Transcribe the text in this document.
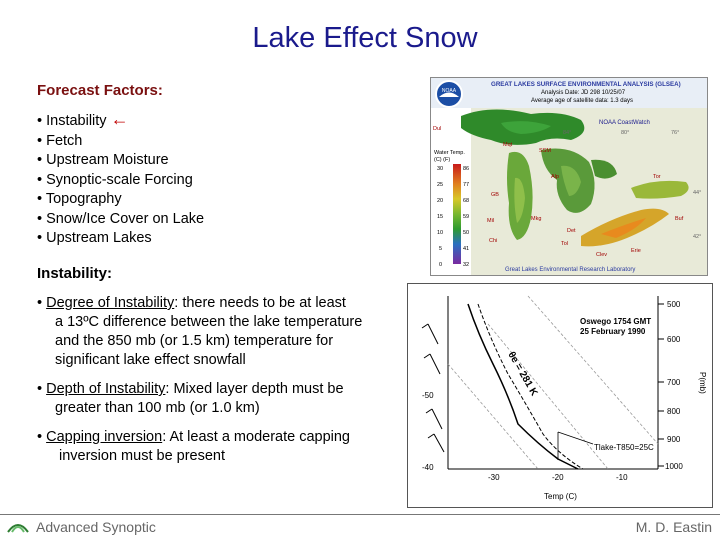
Lake Effect Snow
Forecast Factors:
• Instability ←
• Fetch
• Upstream Moisture
• Synoptic-scale Forcing
• Topography
• Snow/Ice Cover on Lake
• Upstream Lakes
Instability:
• Degree of Instability: there needs to be at least
a 13ºC difference between the lake temperature
and the 850 mb (or 1.5 km) temperature for
significant lake effect snowfall
• Depth of Instability: Mixed layer depth must be
greater than 100 mb (or 1.0 km)
• Capping inversion: At least a moderate capping
inversion must be present
NOAA
GREAT LAKES SURFACE ENVIRONMENTAL ANALYSIS (GLSEA)
Analysis Date: JD 298 10/25/07
Average age of satellite data: 1.3 days
Water Temp.
(C) (F)
30
25
20
15
10
5
0
86
77
68
59
50
41
32
NOAA CoastWatch
84°	80°	76°
44°
42°
Dul
Mqt
SSM
Alp
GB
Mil	Mkg
Chi
Det
Tol
Tor
Buf
Erie
Clev
Great Lakes Environmental Research Laboratory
500
600
700
800
900
1000
-50
-40
-30	-20	-10
Temp (C)
P(mb)
Oswego 1754 GMT
25 February 1990
θe = 281 K
Tlake-T850=25C
Advanced Synoptic	M. D. Eastin
